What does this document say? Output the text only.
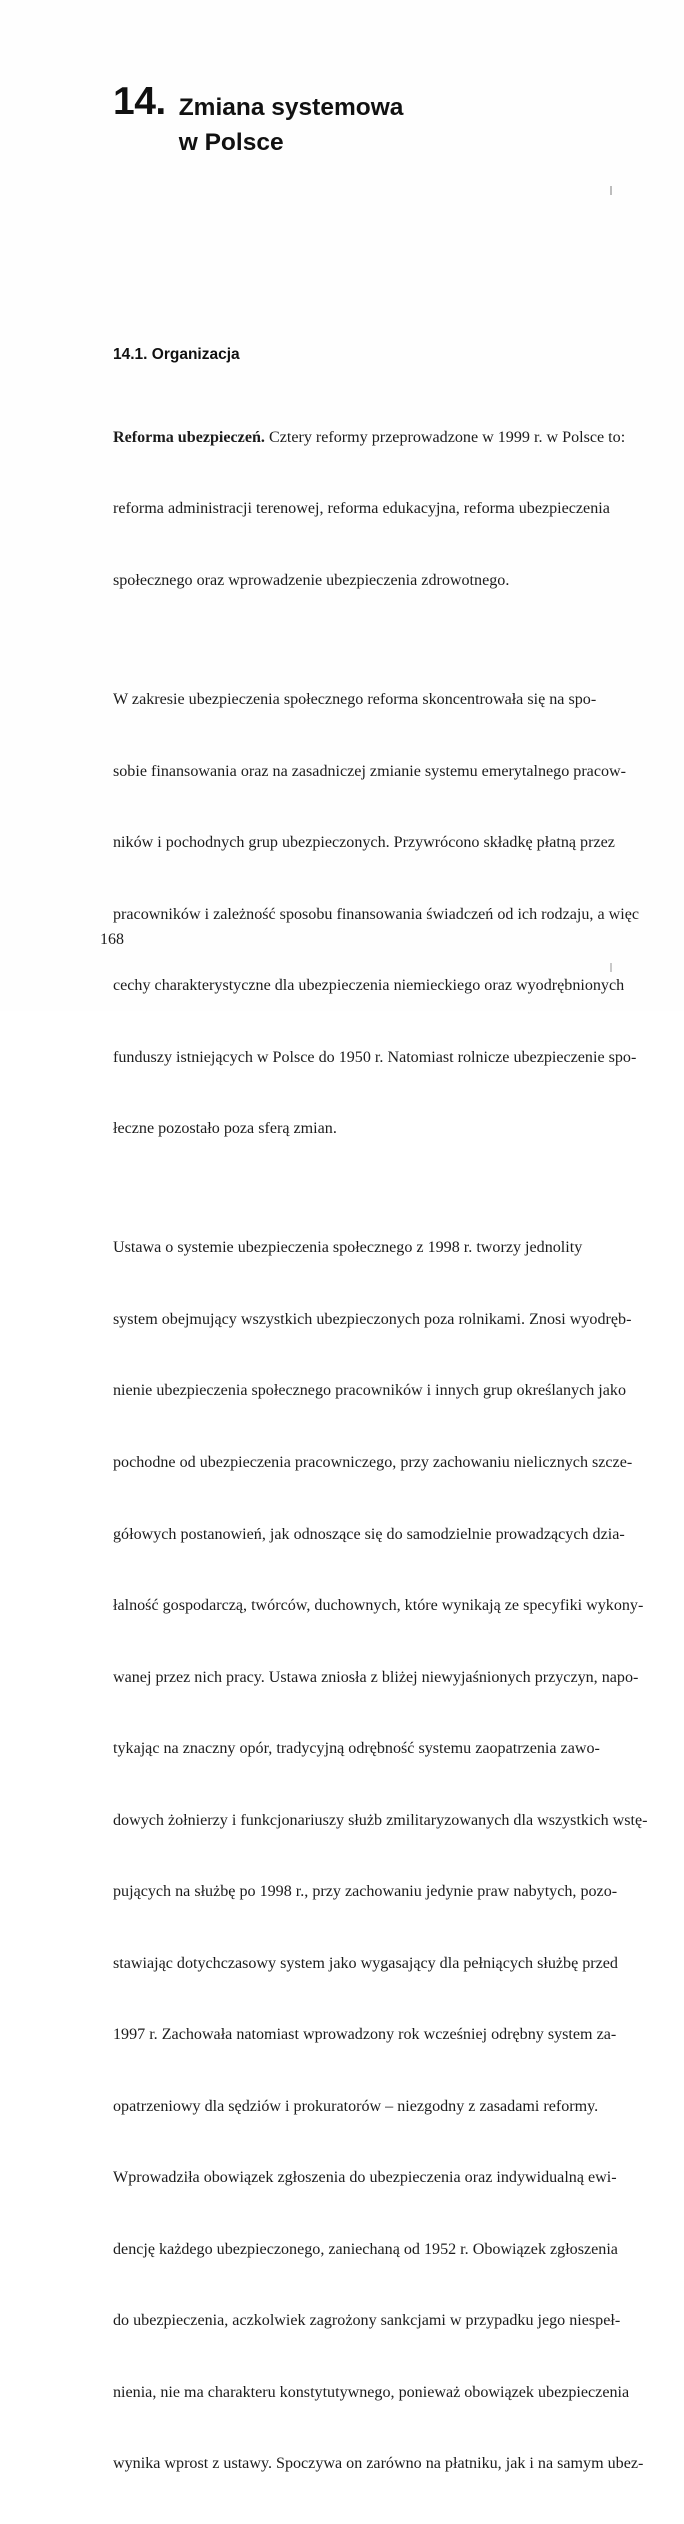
14. Zmiana systemowa
w Polsce
14.1. Organizacja

Reforma ubezpieczeń. Cztery reformy przeprowadzone w 1999 r. w Polsce to:

reforma administracji terenowej, reforma edukacyjna, reforma ubezpieczenia

społecznego oraz wprowadzenie ubezpieczenia zdrowotnego.

W zakresie ubezpieczenia społecznego reforma skoncentrowała się na spo-

sobie finansowania oraz na zasadniczej zmianie systemu emerytalnego pracow-

ników i pochodnych grup ubezpieczonych. Przywrócono składkę płatną przez

pracowników i zależność sposobu finansowania świadczeń od ich rodzaju, a więc

cechy charakterystyczne dla ubezpieczenia niemieckiego oraz wyodrębnionych

funduszy istniejących w Polsce do 1950 r. Natomiast rolnicze ubezpieczenie spo-

łeczne pozostało poza sferą zmian.

Ustawa o systemie ubezpieczenia społecznego z 1998 r. tworzy jednolity

system obejmujący wszystkich ubezpieczonych poza rolnikami. Znosi wyodręb-

nienie ubezpieczenia społecznego pracowników i innych grup określanych jako

pochodne od ubezpieczenia pracowniczego, przy zachowaniu nielicznych szcze-

gółowych postanowień, jak odnoszące się do samodzielnie prowadzących dzia-

łalność gospodarczą, twórców, duchownych, które wynikają ze specyfiki wykony-

wanej przez nich pracy. Ustawa zniosła z bliżej niewyjaśnionych przyczyn, napo-

tykając na znaczny opór, tradycyjną odrębność systemu zaopatrzenia zawo-

dowych żołnierzy i funkcjonariuszy służb zmilitaryzowanych dla wszystkich wstę-

pujących na służbę po 1998 r., przy zachowaniu jedynie praw nabytych, pozo-

stawiając dotychczasowy system jako wygasający dla pełniących służbę przed

1997 r. Zachowała natomiast wprowadzony rok wcześniej odrębny system za-

opatrzeniowy dla sędziów i prokuratorów – niezgodny z zasadami reformy.

Wprowadziła obowiązek zgłoszenia do ubezpieczenia oraz indywidualną ewi-

dencję każdego ubezpieczonego, zaniechaną od 1952 r. Obowiązek zgłoszenia

do ubezpieczenia, aczkolwiek zagrożony sankcjami w przypadku jego niespeł-

nienia, nie ma charakteru konstytutywnego, ponieważ obowiązek ubezpieczenia

wynika wprost z ustawy. Spoczywa on zarówno na płatniku, jak i na samym ubez-

168
